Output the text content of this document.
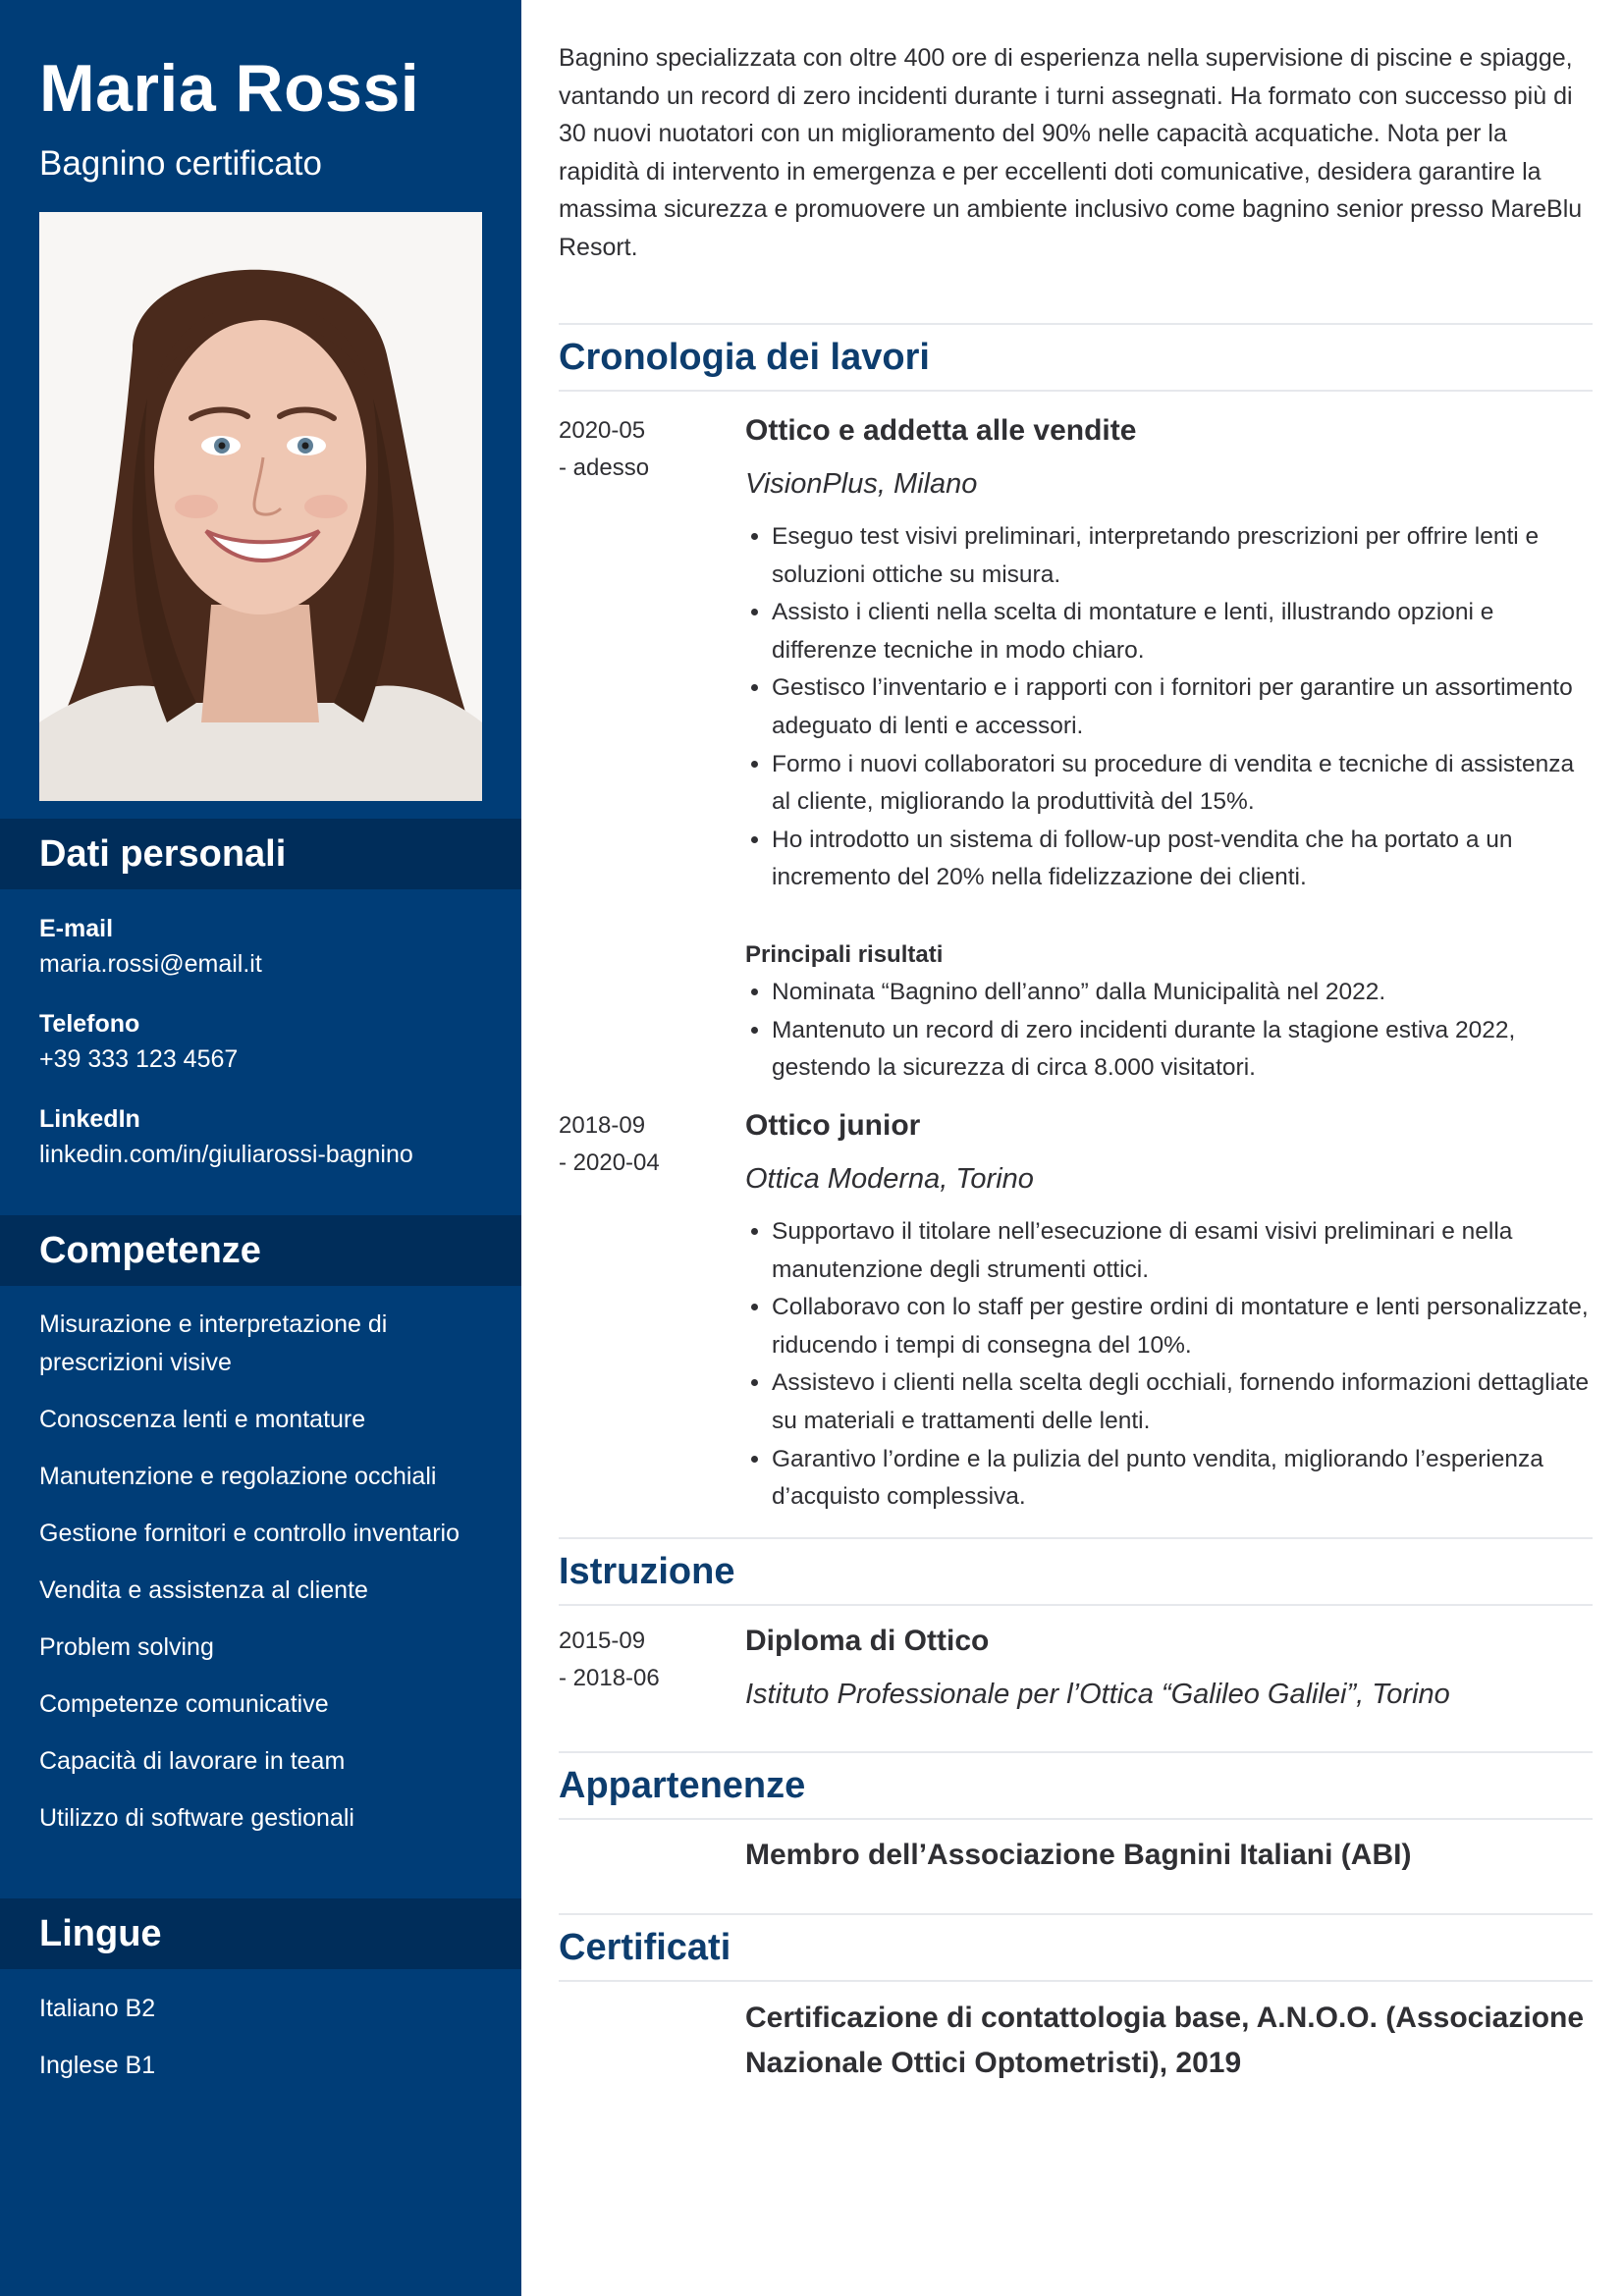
Maria Rossi
Bagnino certificato
Dati personali
E-mail
maria.rossi@email.it
Telefono
+39 333 123 4567
LinkedIn
linkedin.com/in/giuliarossi-bagnino
Competenze
Misurazione e interpretazione di prescrizioni visive
Conoscenza lenti e montature
Manutenzione e regolazione occhiali
Gestione fornitori e controllo inventario
Vendita e assistenza al cliente
Problem solving
Competenze comunicative
Capacità di lavorare in team
Utilizzo di software gestionali
Lingue
Italiano B2
Inglese B1

Bagnino specializzata con oltre 400 ore di esperienza nella supervisione di piscine e spiagge, vantando un record di zero incidenti durante i turni assegnati. Ha formato con successo più di 30 nuovi nuotatori con un miglioramento del 90% nelle capacità acquatiche. Nota per la rapidità di intervento in emergenza e per eccellenti doti comunicative, desidera garantire la massima sicurezza e promuovere un ambiente inclusivo come bagnino senior presso MareBlu Resort.

Cronologia dei lavori
2020-05
- adesso
Ottico e addetta alle vendite
VisionPlus, Milano
• Eseguo test visivi preliminari, interpretando prescrizioni per offrire lenti e soluzioni ottiche su misura.
• Assisto i clienti nella scelta di montature e lenti, illustrando opzioni e differenze tecniche in modo chiaro.
• Gestisco l’inventario e i rapporti con i fornitori per garantire un assortimento adeguato di lenti e accessori.
• Formo i nuovi collaboratori su procedure di vendita e tecniche di assistenza al cliente, migliorando la produttività del 15%.
• Ho introdotto un sistema di follow-up post-vendita che ha portato a un incremento del 20% nella fidelizzazione dei clienti.
Principali risultati
• Nominata “Bagnino dell’anno” dalla Municipalità nel 2022.
• Mantenuto un record di zero incidenti durante la stagione estiva 2022, gestendo la sicurezza di circa 8.000 visitatori.
2018-09
- 2020-04
Ottico junior
Ottica Moderna, Torino
• Supportavo il titolare nell’esecuzione di esami visivi preliminari e nella manutenzione degli strumenti ottici.
• Collaboravo con lo staff per gestire ordini di montature e lenti personalizzate, riducendo i tempi di consegna del 10%.
• Assistevo i clienti nella scelta degli occhiali, fornendo informazioni dettagliate su materiali e trattamenti delle lenti.
• Garantivo l’ordine e la pulizia del punto vendita, migliorando l’esperienza d’acquisto complessiva.
Istruzione
2015-09
- 2018-06
Diploma di Ottico
Istituto Professionale per l’Ottica “Galileo Galilei”, Torino
Appartenenze
Membro dell’Associazione Bagnini Italiani (ABI)
Certificati
Certificazione di contattologia base, A.N.O.O. (Associazione Nazionale Ottici Optometristi), 2019
